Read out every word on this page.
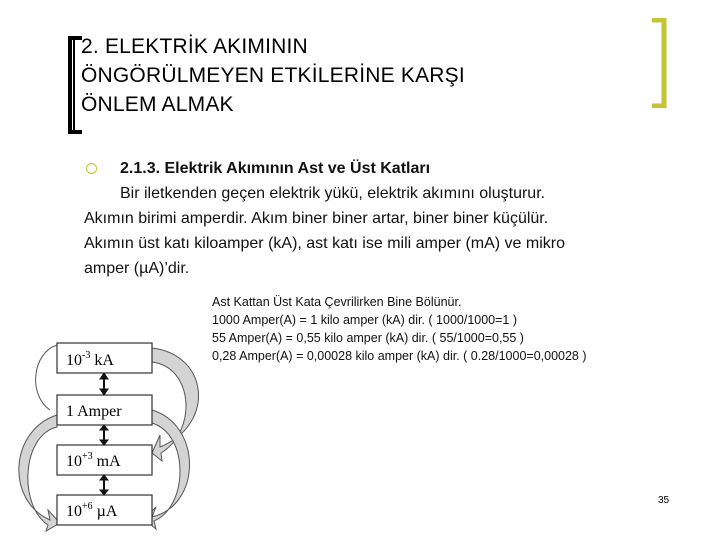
2. ELEKTRİK AKIMININ
ÖNGÖRÜLMEYEN ETKİLERİNE KARŞI
ÖNLEM ALMAK
2.1.3. Elektrik Akımının Ast ve Üst Katları
Bir iletkenden geçen elektrik yükü, elektrik akımını oluşturur.
Akımın birimi amperdir. Akım biner biner artar, biner biner küçülür.
Akımın üst katı kiloamper (kA), ast katı ise mili amper (mA) ve mikro
amper (µA)’dir.
Ast Kattan Üst Kata Çevrilirken Bine Bölünür.
1000 Amper(A) = 1 kilo amper (kA) dir. ( 1000/1000=1 )
55 Amper(A) = 0,55 kilo amper (kA) dir. ( 55/1000=0,55 )
0,28 Amper(A) = 0,00028 kilo amper (kA) dir. ( 0.28/1000=0,00028 )
$10^{-3}$ kA
1 Amper
$10^{+3}$ mA
$10^{+6}$ µA
35
